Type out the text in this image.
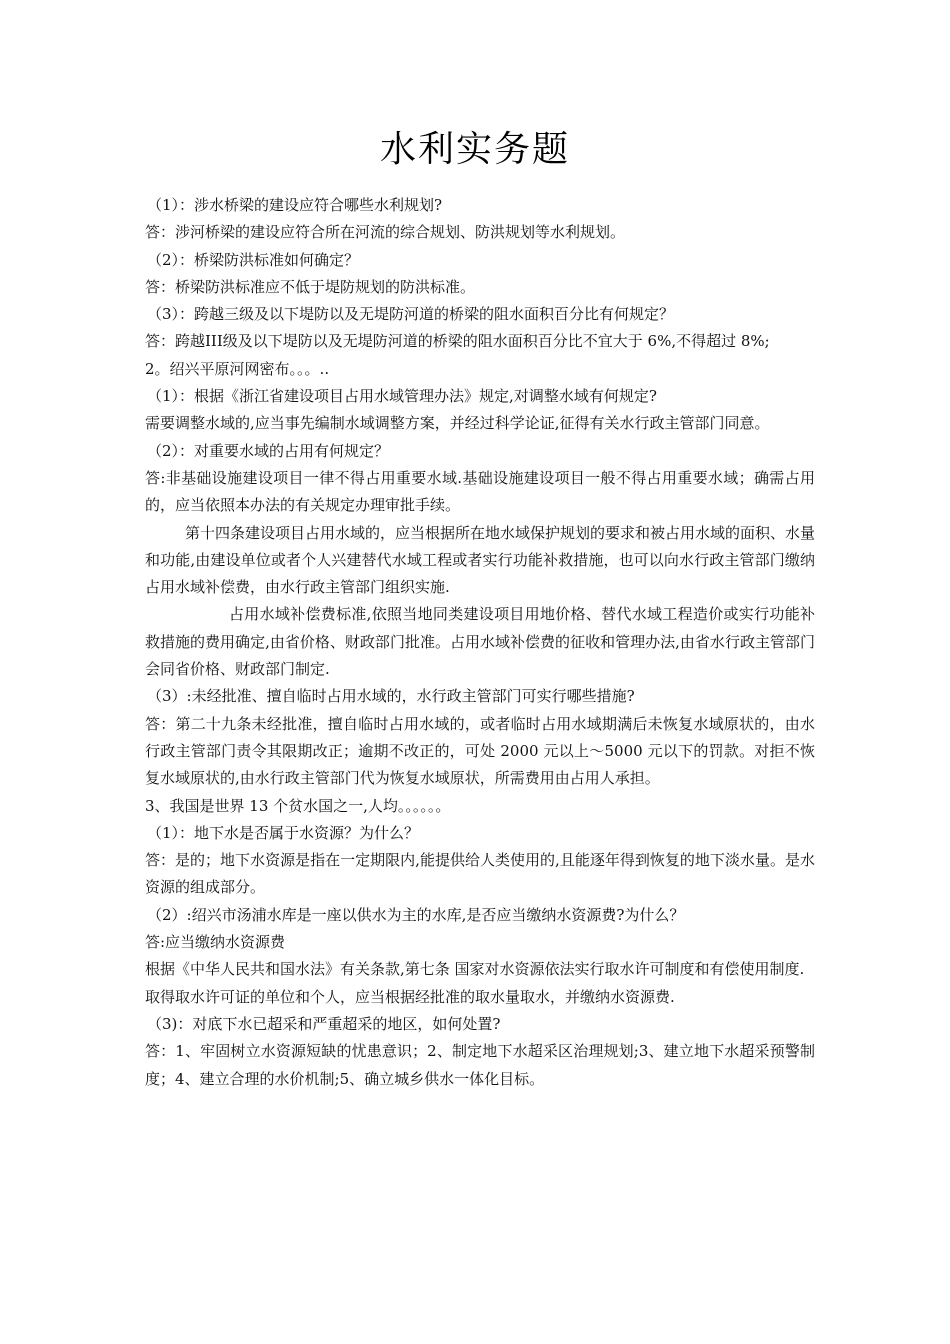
水利实务题

（1）：涉水桥梁的建设应符合哪些水利规划?

答：涉河桥梁的建设应符合所在河流的综合规划、防洪规划等水利规划。

（2）：桥梁防洪标准如何确定？

答：桥梁防洪标准应不低于堤防规划的防洪标准。

（3）：跨越三级及以下堤防以及无堤防河道的桥梁的阻水面积百分比有何规定？

答：跨越III级及以下堤防以及无堤防河道的桥梁的阻水面积百分比不宜大于 6%,不得超过 8%;

2。绍兴平原河网密布。。。..

（1）：根据《浙江省建设项目占用水域管理办法》规定,对调整水域有何规定?

需要调整水域的,应当事先编制水域调整方案，并经过科学论证,征得有关水行政主管部门同意。

（2）：对重要水域的占用有何规定？

答:非基础设施建设项目一律不得占用重要水域.基础设施建设项目一般不得占用重要水域；确需占用的，应当依照本办法的有关规定办理审批手续。

第十四条建设项目占用水域的，应当根据所在地水域保护规划的要求和被占用水域的面积、水量和功能,由建设单位或者个人兴建替代水域工程或者实行功能补救措施，也可以向水行政主管部门缴纳占用水域补偿费，由水行政主管部门组织实施.

占用水域补偿费标准,依照当地同类建设项目用地价格、替代水域工程造价或实行功能补救措施的费用确定,由省价格、财政部门批准。占用水域补偿费的征收和管理办法,由省水行政主管部门会同省价格、财政部门制定.

（3）:未经批准、擅自临时占用水域的，水行政主管部门可实行哪些措施?

答：第二十九条未经批准，擅自临时占用水域的，或者临时占用水域期满后未恢复水域原状的，由水行政主管部门责令其限期改正；逾期不改正的，可处 2000 元以上～5000 元以下的罚款。对拒不恢复水域原状的,由水行政主管部门代为恢复水域原状，所需费用由占用人承担。

3、我国是世界 13 个贫水国之一,人均。。。。。。

（1）：地下水是否属于水资源？为什么？

答：是的；地下水资源是指在一定期限内,能提供给人类使用的,且能逐年得到恢复的地下淡水量。是水资源的组成部分。

（2）:绍兴市汤浦水库是一座以供水为主的水库,是否应当缴纳水资源费?为什么？

答:应当缴纳水资源费

根据《中华人民共和国水法》有关条款,第七条 国家对水资源依法实行取水许可制度和有偿使用制度.

取得取水许可证的单位和个人，应当根据经批准的取水量取水，并缴纳水资源费.

（3)：对底下水已超采和严重超采的地区，如何处置?

答：1、牢固树立水资源短缺的忧患意识；2、制定地下水超采区治理规划;3、建立地下水超采预警制度；4、建立合理的水价机制;5、确立城乡供水一体化目标。
